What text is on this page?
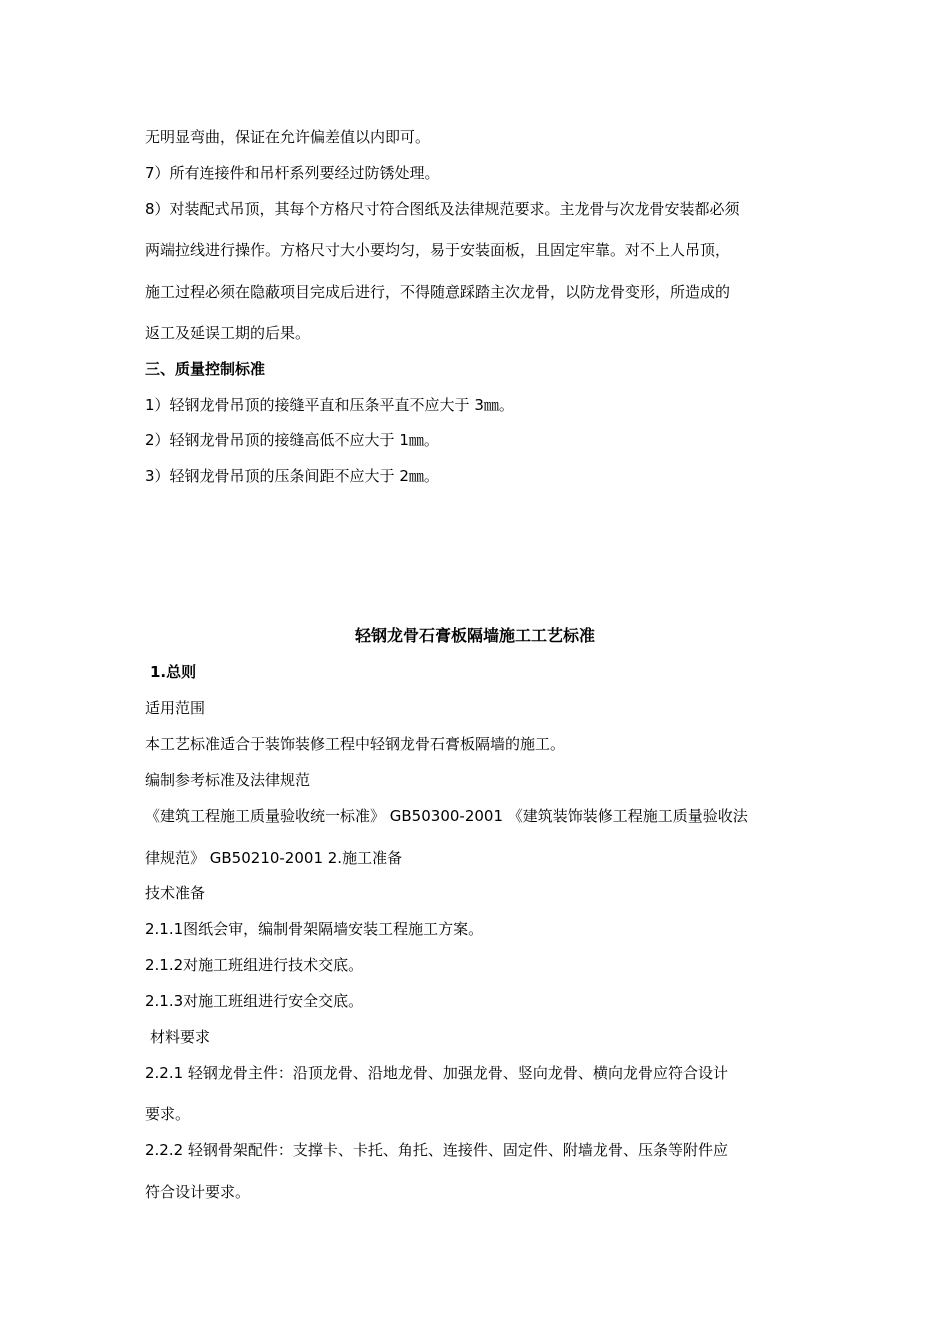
无明显弯曲，保证在允许偏差值以内即可。
7）所有连接件和吊杆系列要经过防锈处理。
8）对装配式吊顶，其每个方格尺寸符合图纸及法律规范要求。主龙骨与次龙骨安装都必须
两端拉线进行操作。方格尺寸大小要均匀，易于安装面板，且固定牢靠。对不上人吊顶，
施工过程必须在隐蔽项目完成后进行，不得随意踩踏主次龙骨，以防龙骨变形，所造成的
返工及延误工期的后果。
三、质量控制标准
1）轻钢龙骨吊顶的接缝平直和压条平直不应大于 3㎜。
2）轻钢龙骨吊顶的接缝高低不应大于 1㎜。
3）轻钢龙骨吊顶的压条间距不应大于 2㎜。
轻钢龙骨石膏板隔墙施工工艺标准
1.总则
适用范围
本工艺标准适合于装饰装修工程中轻钢龙骨石膏板隔墙的施工。
编制参考标准及法律规范
《建筑工程施工质量验收统一标准》 GB50300-2001 《建筑装饰装修工程施工质量验收法
律规范》 GB50210-2001 2.施工准备
技术准备
2.1.1图纸会审，编制骨架隔墙安装工程施工方案。
2.1.2对施工班组进行技术交底。
2.1.3对施工班组进行安全交底。
材料要求
2.2.1 轻钢龙骨主件：沿顶龙骨、沿地龙骨、加强龙骨、竖向龙骨、横向龙骨应符合设计
要求。
2.2.2 轻钢骨架配件：支撑卡、卡托、角托、连接件、固定件、附墙龙骨、压条等附件应
符合设计要求。
